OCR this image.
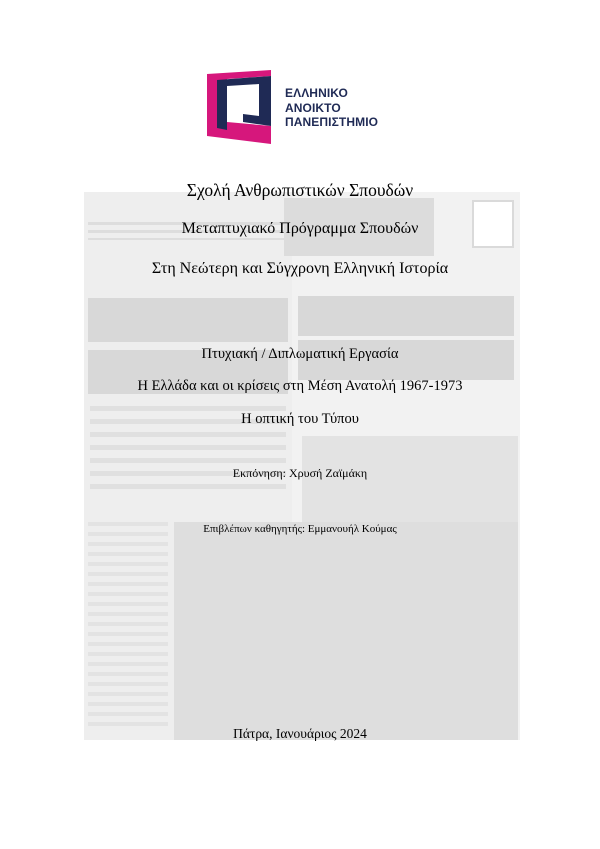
ΕΛΛΗΝΙΚΟ
ΑΝΟΙΚΤΟ
ΠΑΝΕΠΙΣΤΗΜΙΟ
Σχολή Ανθρωπιστικών Σπουδών
Μεταπτυχιακό Πρόγραμμα Σπουδών
Στη Νεώτερη και Σύγχρονη Ελληνική Ιστορία
Πτυχιακή / Διπλωματική Εργασία
Η Ελλάδα και οι κρίσεις στη Μέση Ανατολή 1967-1973
Η οπτική του Τύπου
Εκπόνηση: Χρυσή Ζαϊμάκη
Επιβλέπων καθηγητής: Εμμανουήλ Κούμας
Πάτρα, Ιανουάριος 2024
